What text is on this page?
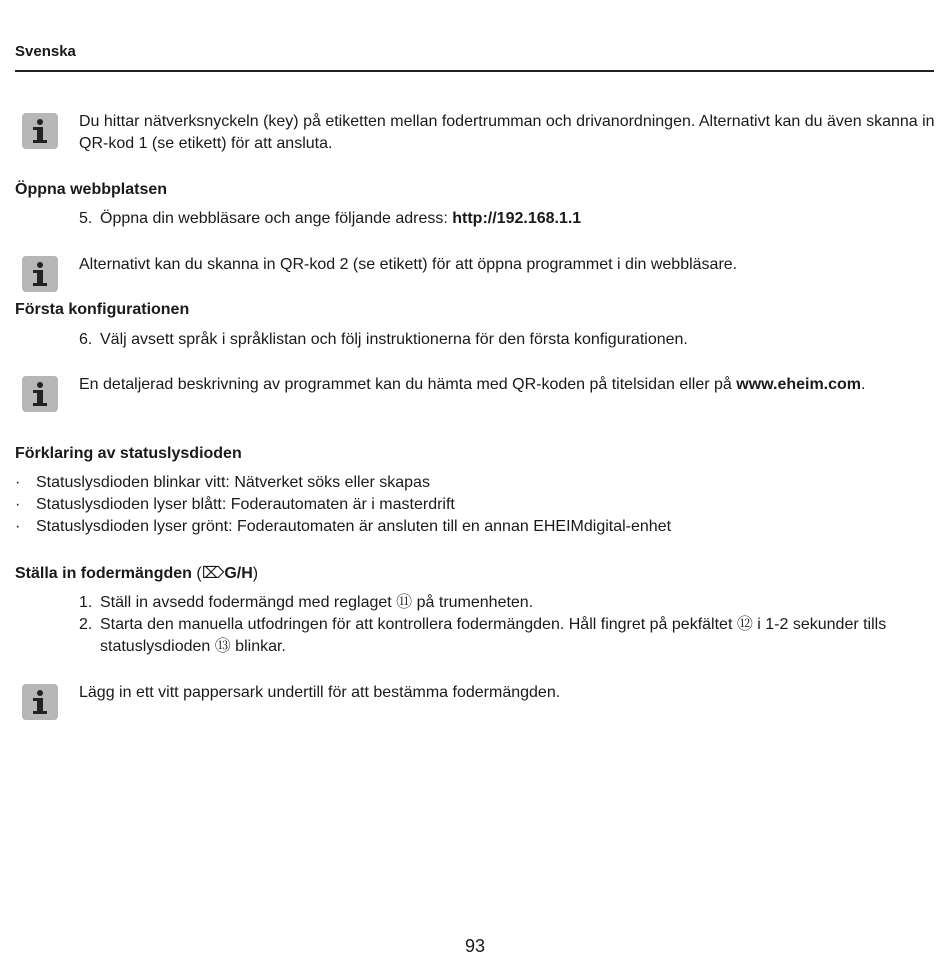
Svenska
Du hittar nätverksnyckeln (key) på etiketten mellan fodertrumman och drivanordningen. Alternativt kan du även skanna in QR-kod 1 (se etikett) för att ansluta.
Öppna webbplatsen
5. Öppna din webbläsare och ange följande adress: http://192.168.1.1
Alternativt kan du skanna in QR-kod 2 (se etikett) för att öppna programmet i din webbläsare.
Första konfigurationen
6. Välj avsett språk i språklistan och följ instruktionerna för den första konfigurationen.
En detaljerad beskrivning av programmet kan du hämta med QR-koden på titelsidan eller på www.eheim.com.
Förklaring av statuslysdioden
· Statuslysdioden blinkar vitt: Nätverket söks eller skapas
· Statuslysdioden lyser blått: Foderautomaten är i masterdrift
· Statuslysdioden lyser grönt: Foderautomaten är ansluten till en annan EHEIMdigital-enhet
Ställa in fodermängden (⌦G/H)
1. Ställ in avsedd fodermängd med reglaget ⑪ på trumenheten.
2. Starta den manuella utfodringen för att kontrollera fodermängden. Håll fingret på pekfältet ⑫ i 1-2 sekunder tills statuslysdioden ⑬ blinkar.
Lägg in ett vitt pappersark undertill för att bestämma fodermängden.
93
